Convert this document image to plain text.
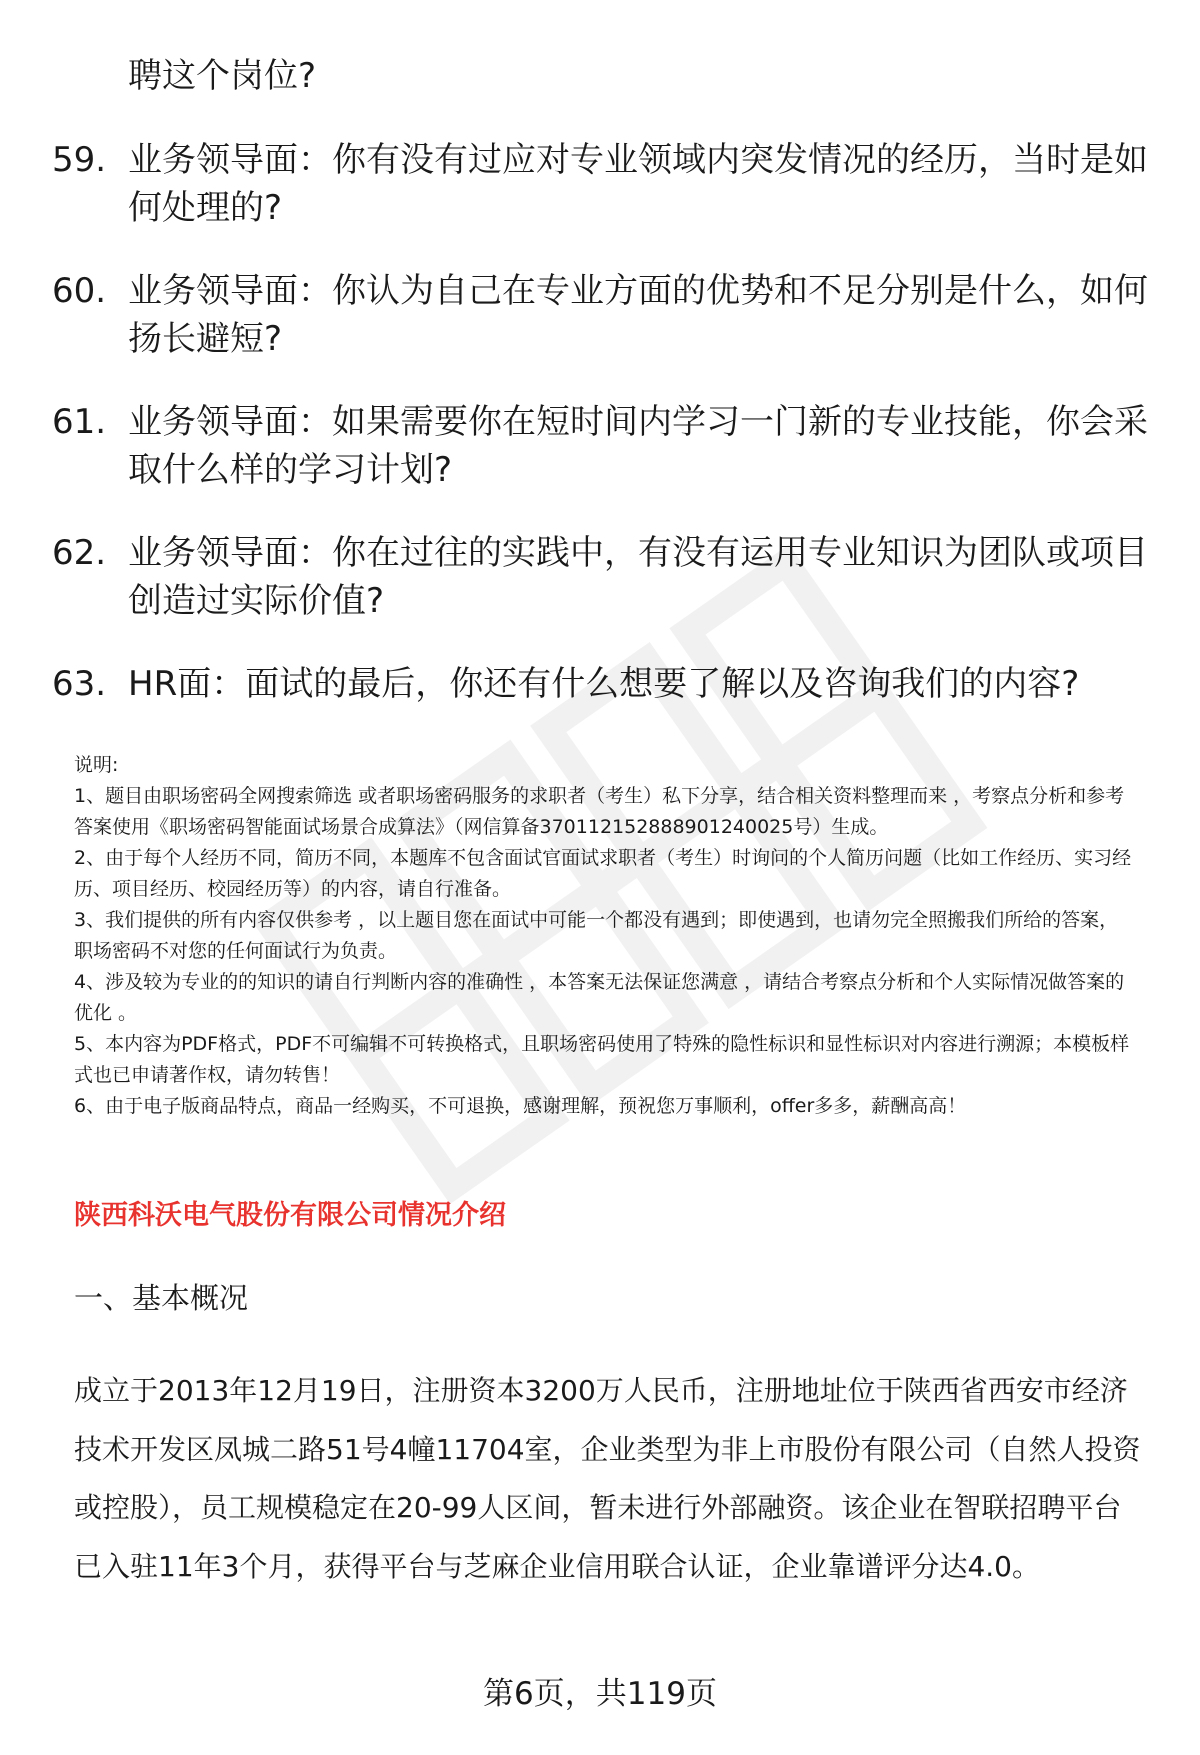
聘这个岗位?
59. 业务领导面：你有没有过应对专业领域内突发情况的经历，当时是如何处理的?
60. 业务领导面：你认为自己在专业方面的优势和不足分别是什么，如何扬长避短?
61. 业务领导面：如果需要你在短时间内学习一门新的专业技能，你会采取什么样的学习计划?
62. 业务领导面：你在过往的实践中，有没有运用专业知识为团队或项目创造过实际价值?
63. HR面：面试的最后，你还有什么想要了解以及咨询我们的内容?

说明:

1、题目由职场密码全网搜索筛选 或者职场密码服务的求职者（考生）私下分享，结合相关资料整理而来 ，考察点分析和参考答案使用《职场密码智能面试场景合成算法》（网信算备370112152888901240025号）生成。

2、由于每个人经历不同，简历不同，本题库不包含面试官面试求职者（考生）时询问的个人简历问题（比如工作经历、实习经历、项目经历、校园经历等）的内容，请自行准备。

3、我们提供的所有内容仅供参考 ，以上题目您在面试中可能一个都没有遇到；即使遇到，也请勿完全照搬我们所给的答案，职场密码不对您的任何面试行为负责。

4、涉及较为专业的的知识的请自行判断内容的准确性 ，本答案无法保证您满意 ，请结合考察点分析和个人实际情况做答案的优化 。

5、本内容为PDF格式，PDF不可编辑不可转换格式，且职场密码使用了特殊的隐性标识和显性标识对内容进行溯源；本模板样式也已申请著作权，请勿转售！

6、由于电子版商品特点，商品一经购买，不可退换，感谢理解，预祝您万事顺利，offer多多，薪酬高高！

陕西科沃电气股份有限公司情况介绍
一、基本概况

成立于2013年12月19日，注册资本3200万人民币，注册地址位于陕西省西安市经济技术开发区凤城二路51号4幢11704室，企业类型为非上市股份有限公司（自然人投资或控股），员工规模稳定在20-99人区间，暂未进行外部融资。该企业在智联招聘平台已入驻11年3个月，获得平台与芝麻企业信用联合认证，企业靠谱评分达4.0。

第6页，共119页
